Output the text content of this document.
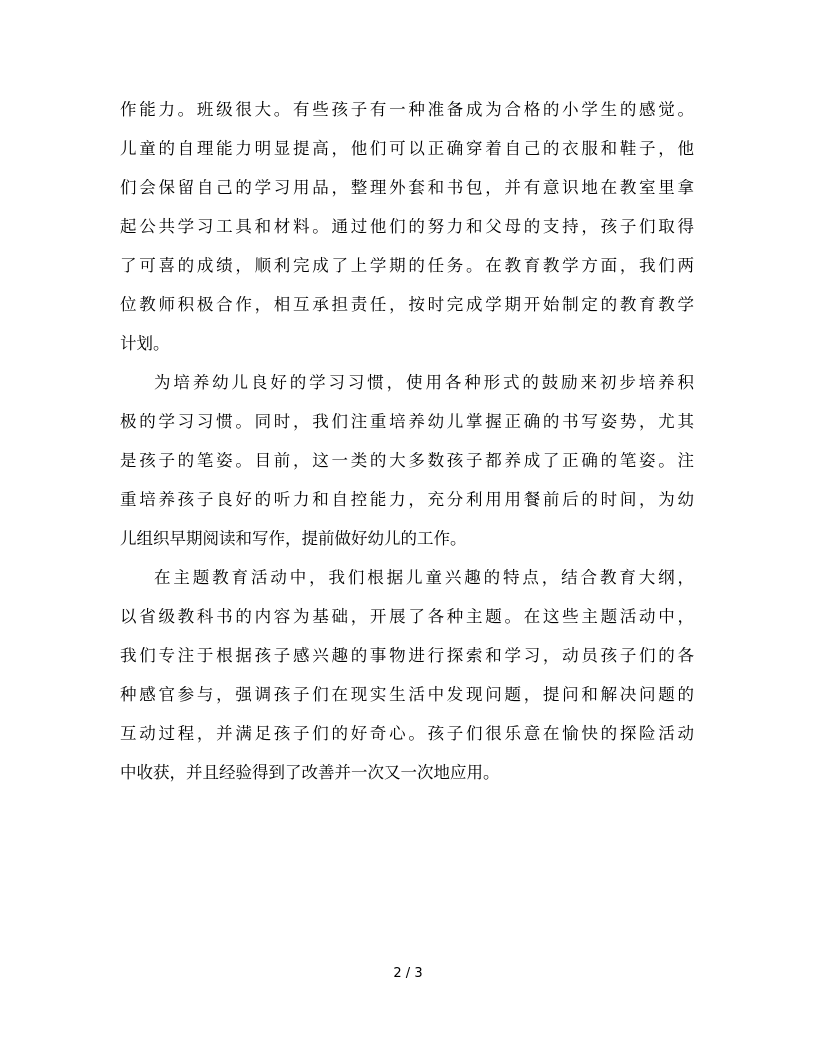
作能力。班级很大。有些孩子有一种准备成为合格的小学生的感觉。
儿童的自理能力明显提高，他们可以正确穿着自己的衣服和鞋子，他
们会保留自己的学习用品，整理外套和书包，并有意识地在教室里拿
起公共学习工具和材料。通过他们的努力和父母的支持，孩子们取得
了可喜的成绩，顺利完成了上学期的任务。在教育教学方面，我们两
位教师积极合作，相互承担责任，按时完成学期开始制定的教育教学
计划。
为培养幼儿良好的学习习惯，使用各种形式的鼓励来初步培养积
极的学习习惯。同时，我们注重培养幼儿掌握正确的书写姿势，尤其
是孩子的笔姿。目前，这一类的大多数孩子都养成了正确的笔姿。注
重培养孩子良好的听力和自控能力，充分利用用餐前后的时间，为幼
儿组织早期阅读和写作，提前做好幼儿的工作。
在主题教育活动中，我们根据儿童兴趣的特点，结合教育大纲，
以省级教科书的内容为基础，开展了各种主题。在这些主题活动中，
我们专注于根据孩子感兴趣的事物进行探索和学习，动员孩子们的各
种感官参与，强调孩子们在现实生活中发现问题，提问和解决问题的
互动过程，并满足孩子们的好奇心。孩子们很乐意在愉快的探险活动
中收获，并且经验得到了改善并一次又一次地应用。
2 / 3
